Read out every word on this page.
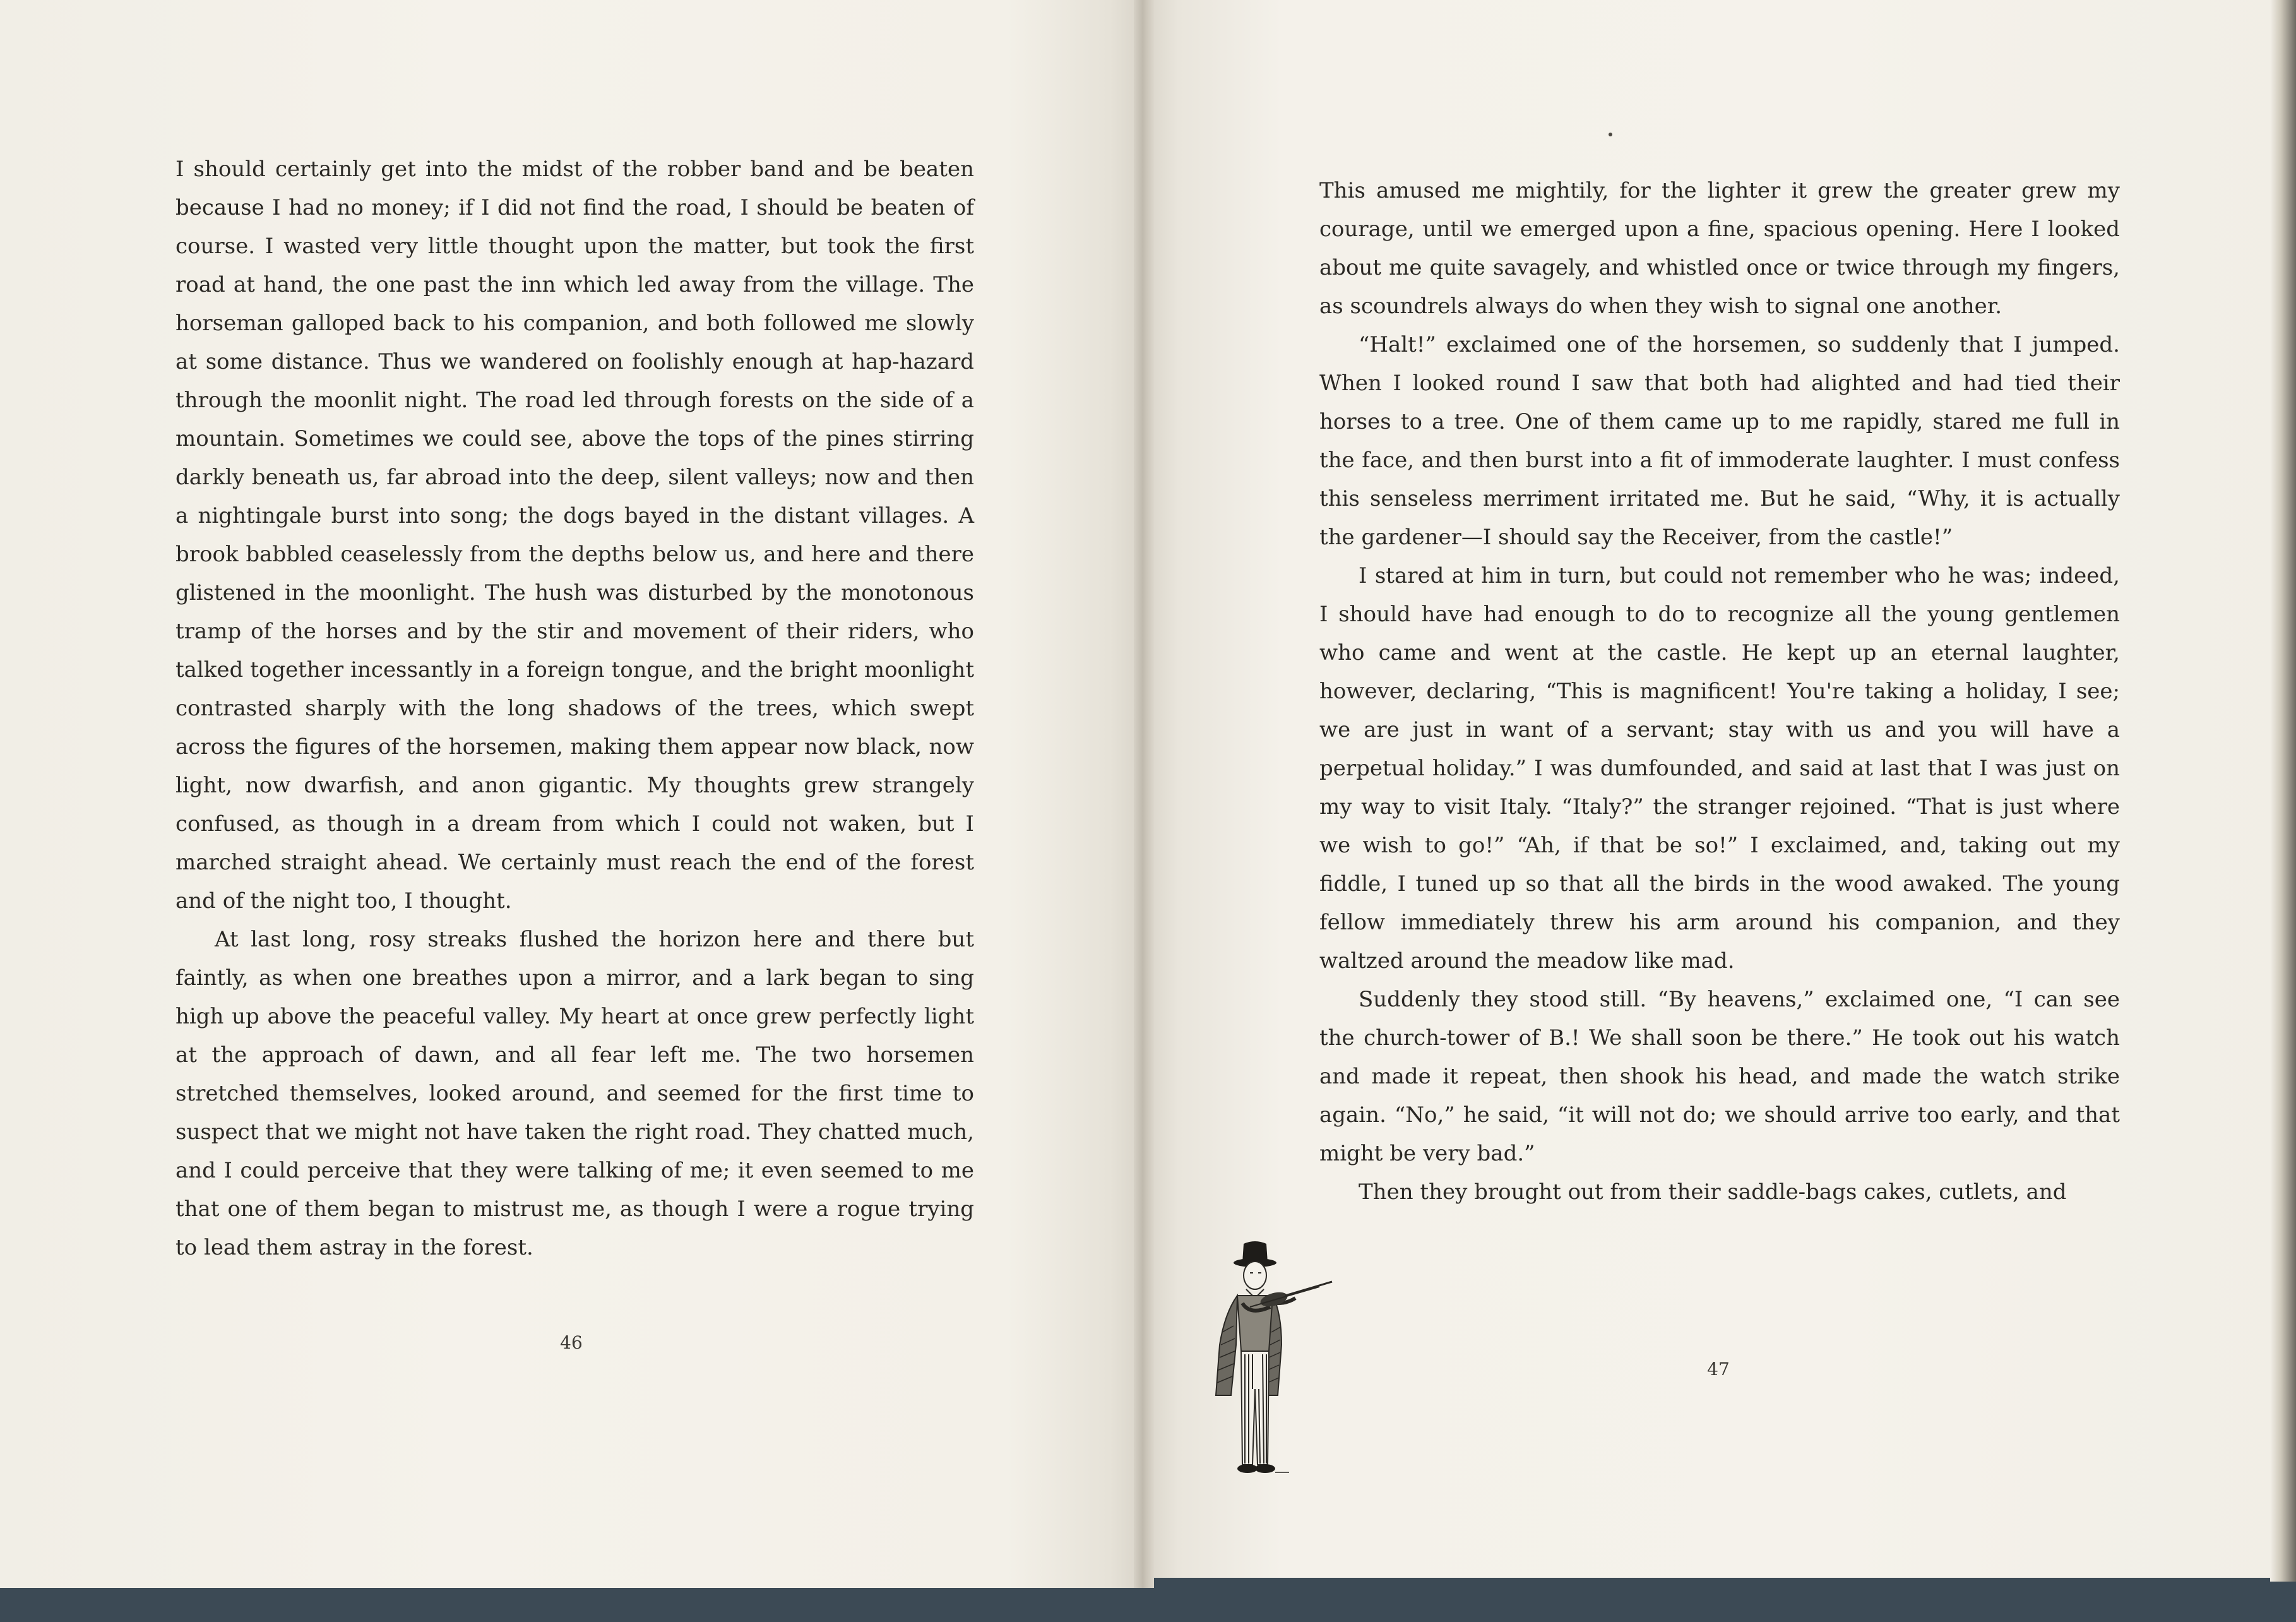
I should certainly get into the midst of the robber band and be beaten because I had no money; if I did not find the road, I should be beaten of course. I wasted very little thought upon the matter, but took the first road at hand, the one past the inn which led away from the village. The horseman galloped back to his companion, and both followed me slowly at some distance. Thus we wandered on foolishly enough at hap-hazard through the moonlit night. The road led through forests on the side of a mountain. Sometimes we could see, above the tops of the pines stirring darkly beneath us, far abroad into the deep, silent valleys; now and then a nightingale burst into song; the dogs bayed in the distant villages. A brook babbled ceaselessly from the depths below us, and here and there glistened in the moonlight. The hush was disturbed by the monotonous tramp of the horses and by the stir and movement of their riders, who talked together incessantly in a foreign tongue, and the bright moonlight contrasted sharply with the long shadows of the trees, which swept across the figures of the horsemen, making them appear now black, now light, now dwarfish, and anon gigantic. My thoughts grew strangely confused, as though in a dream from which I could not waken, but I marched straight ahead. We certainly must reach the end of the forest and of the night too, I thought.

At last long, rosy streaks flushed the horizon here and there but faintly, as when one breathes upon a mirror, and a lark began to sing high up above the peaceful valley. My heart at once grew perfectly light at the approach of dawn, and all fear left me. The two horsemen stretched themselves, looked around, and seemed for the first time to suspect that we might not have taken the right road. They chatted much, and I could perceive that they were talking of me; it even seemed to me that one of them began to mistrust me, as though I were a rogue trying to lead them astray in the forest.

46

This amused me mightily, for the lighter it grew the greater grew my courage, until we emerged upon a fine, spacious opening. Here I looked about me quite savagely, and whistled once or twice through my fingers, as scoundrels always do when they wish to signal one another.

“Halt!” exclaimed one of the horsemen, so suddenly that I jumped. When I looked round I saw that both had alighted and had tied their horses to a tree. One of them came up to me rapidly, stared me full in the face, and then burst into a fit of immoderate laughter. I must confess this senseless merriment irritated me. But he said, “Why, it is actually the gardener—I should say the Receiver, from the castle!”

I stared at him in turn, but could not remember who he was; indeed, I should have had enough to do to recognize all the young gentlemen who came and went at the castle. He kept up an eternal laughter, however, declaring, “This is magnificent! You're taking a holiday, I see; we are just in want of a servant; stay with us and you will have a perpetual holiday.” I was dumfounded, and said at last that I was just on my way to visit Italy. “Italy?” the stranger rejoined. “That is just where we wish to go!” “Ah, if that be so!” I exclaimed, and, taking out my fiddle, I tuned up so that all the birds in the wood awaked. The young fellow immediately threw his arm around his companion, and they waltzed around the meadow like mad.

Suddenly they stood still. “By heavens,” exclaimed one, “I can see the church-tower of B.! We shall soon be there.” He took out his watch and made it repeat, then shook his head, and made the watch strike again. “No,” he said, “it will not do; we should arrive too early, and that might be very bad.”

Then they brought out from their saddle-bags cakes, cutlets, and

47
